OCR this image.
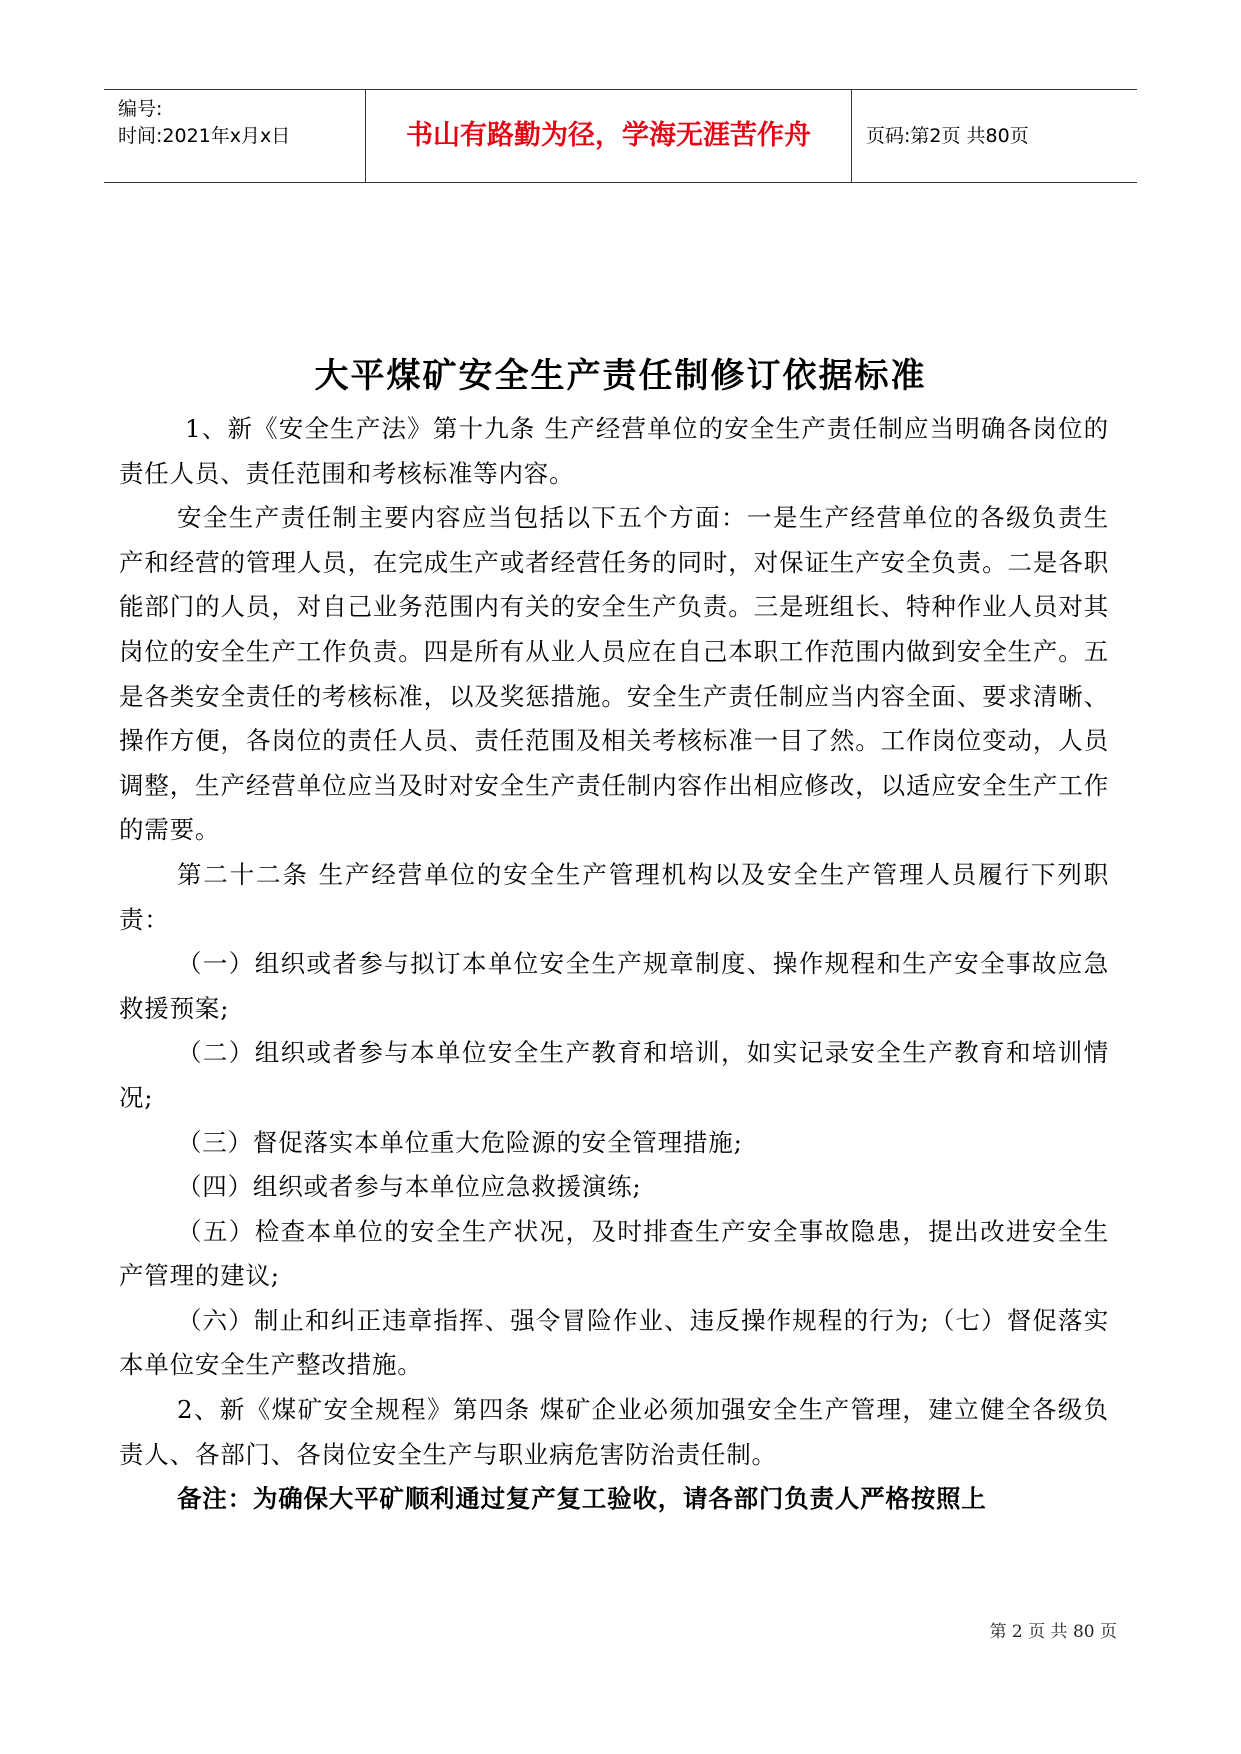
编号:
时间:2021年x月x日	书山有路勤为径，学海无涯苦作舟	页码:第2页 共80页
大平煤矿安全生产责任制修订依据标准

1、新《安全生产法》第十九条 生产经营单位的安全生产责任制应当明确各岗位的责任人员、责任范围和考核标准等内容。

安全生产责任制主要内容应当包括以下五个方面：一是生产经营单位的各级负责生产和经营的管理人员，在完成生产或者经营任务的同时，对保证生产安全负责。二是各职能部门的人员，对自己业务范围内有关的安全生产负责。三是班组长、特种作业人员对其岗位的安全生产工作负责。四是所有从业人员应在自己本职工作范围内做到安全生产。五是各类安全责任的考核标准，以及奖惩措施。安全生产责任制应当内容全面、要求清晰、操作方便，各岗位的责任人员、责任范围及相关考核标准一目了然。工作岗位变动，人员调整，生产经营单位应当及时对安全生产责任制内容作出相应修改，以适应安全生产工作的需要。

第二十二条 生产经营单位的安全生产管理机构以及安全生产管理人员履行下列职责：

（一）组织或者参与拟订本单位安全生产规章制度、操作规程和生产安全事故应急救援预案;

（二）组织或者参与本单位安全生产教育和培训，如实记录安全生产教育和培训情况;

（三）督促落实本单位重大危险源的安全管理措施;

（四）组织或者参与本单位应急救援演练;

（五）检查本单位的安全生产状况，及时排查生产安全事故隐患，提出改进安全生产管理的建议;

（六）制止和纠正违章指挥、强令冒险作业、违反操作规程的行为;（七）督促落实本单位安全生产整改措施。

2、新《煤矿安全规程》第四条 煤矿企业必须加强安全生产管理，建立健全各级负责人、各部门、各岗位安全生产与职业病危害防治责任制。

备注：为确保大平矿顺利通过复产复工验收，请各部门负责人严格按照上

第 2 页 共 80 页
